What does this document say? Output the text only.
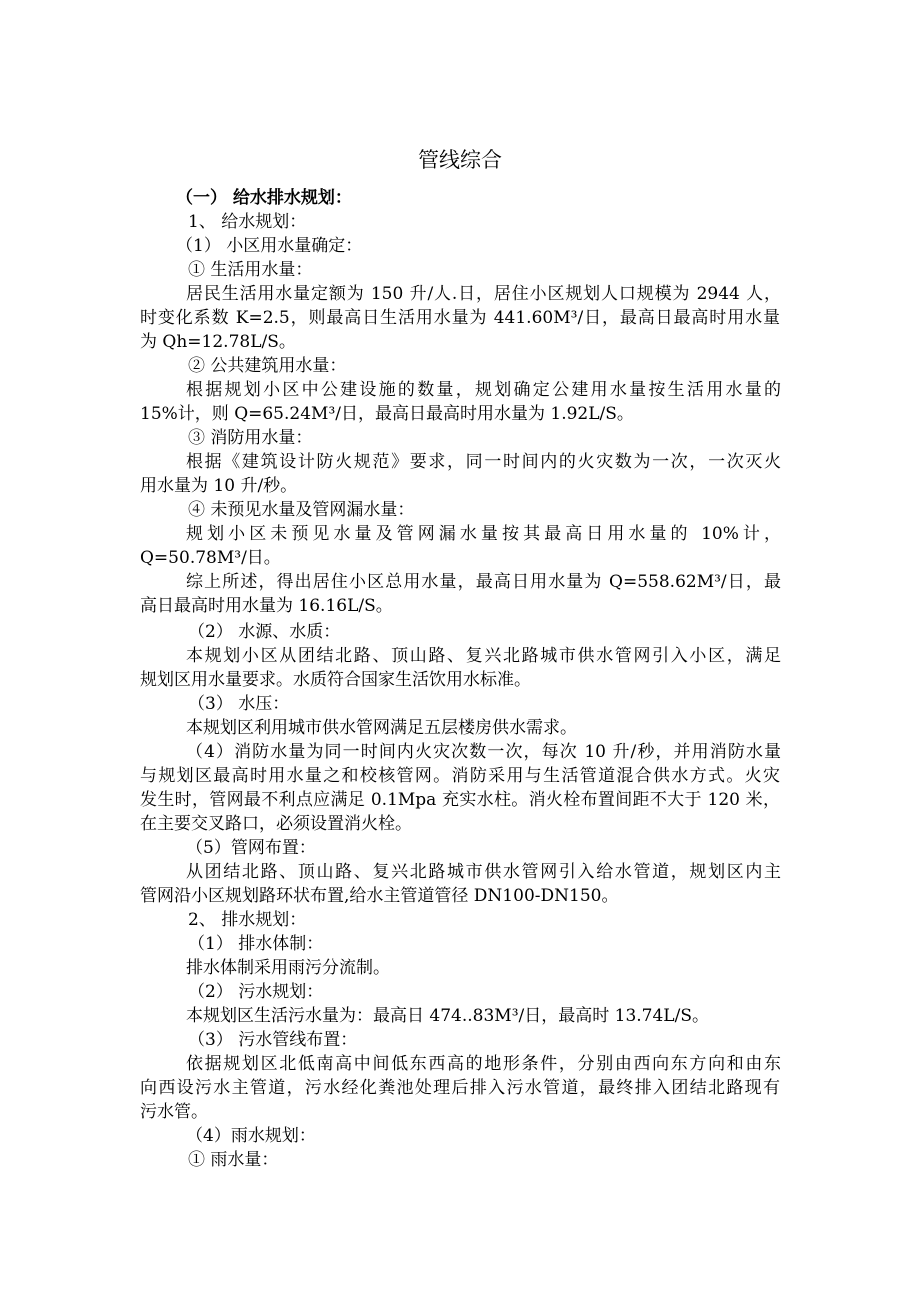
管线综合
（一） 给水排水规划：
1、 给水规划：
（1） 小区用水量确定：
① 生活用水量：
居民生活用水量定额为 150 升/人.日，居住小区规划人口规模为 2944 人，
时变化系数 K=2.5，则最高日生活用水量为 441.60M³/日，最高日最高时用水量
为 Qh=12.78L/S。
② 公共建筑用水量：
根据规划小区中公建设施的数量，规划确定公建用水量按生活用水量的
15%计，则 Q=65.24M³/日，最高日最高时用水量为 1.92L/S。
③ 消防用水量：
根据《建筑设计防火规范》要求，同一时间内的火灾数为一次，一次灭火
用水量为 10 升/秒。
④ 未预见水量及管网漏水量：
规划小区未预见水量及管网漏水量按其最高日用水量的 10%计，
Q=50.78M³/日。
综上所述，得出居住小区总用水量，最高日用水量为 Q=558.62M³/日，最
高日最高时用水量为 16.16L/S。
（2） 水源、水质：
本规划小区从团结北路、顶山路、复兴北路城市供水管网引入小区，满足
规划区用水量要求。水质符合国家生活饮用水标准。
（3） 水压：
本规划区利用城市供水管网满足五层楼房供水需求。
（4）消防水量为同一时间内火灾次数一次，每次 10 升/秒，并用消防水量
与规划区最高时用水量之和校核管网。消防采用与生活管道混合供水方式。火灾
发生时，管网最不利点应满足 0.1Mpa 充实水柱。消火栓布置间距不大于 120 米，
在主要交叉路口，必须设置消火栓。
（5）管网布置：
从团结北路、顶山路、复兴北路城市供水管网引入给水管道，规划区内主
管网沿小区规划路环状布置,给水主管道管径 DN100-DN150。
2、 排水规划：
（1） 排水体制：
排水体制采用雨污分流制。
（2） 污水规划：
本规划区生活污水量为：最高日 474..83M³/日，最高时 13.74L/S。
（3） 污水管线布置：
依据规划区北低南高中间低东西高的地形条件，分别由西向东方向和由东
向西设污水主管道，污水经化粪池处理后排入污水管道，最终排入团结北路现有
污水管。
（4）雨水规划：
① 雨水量：
